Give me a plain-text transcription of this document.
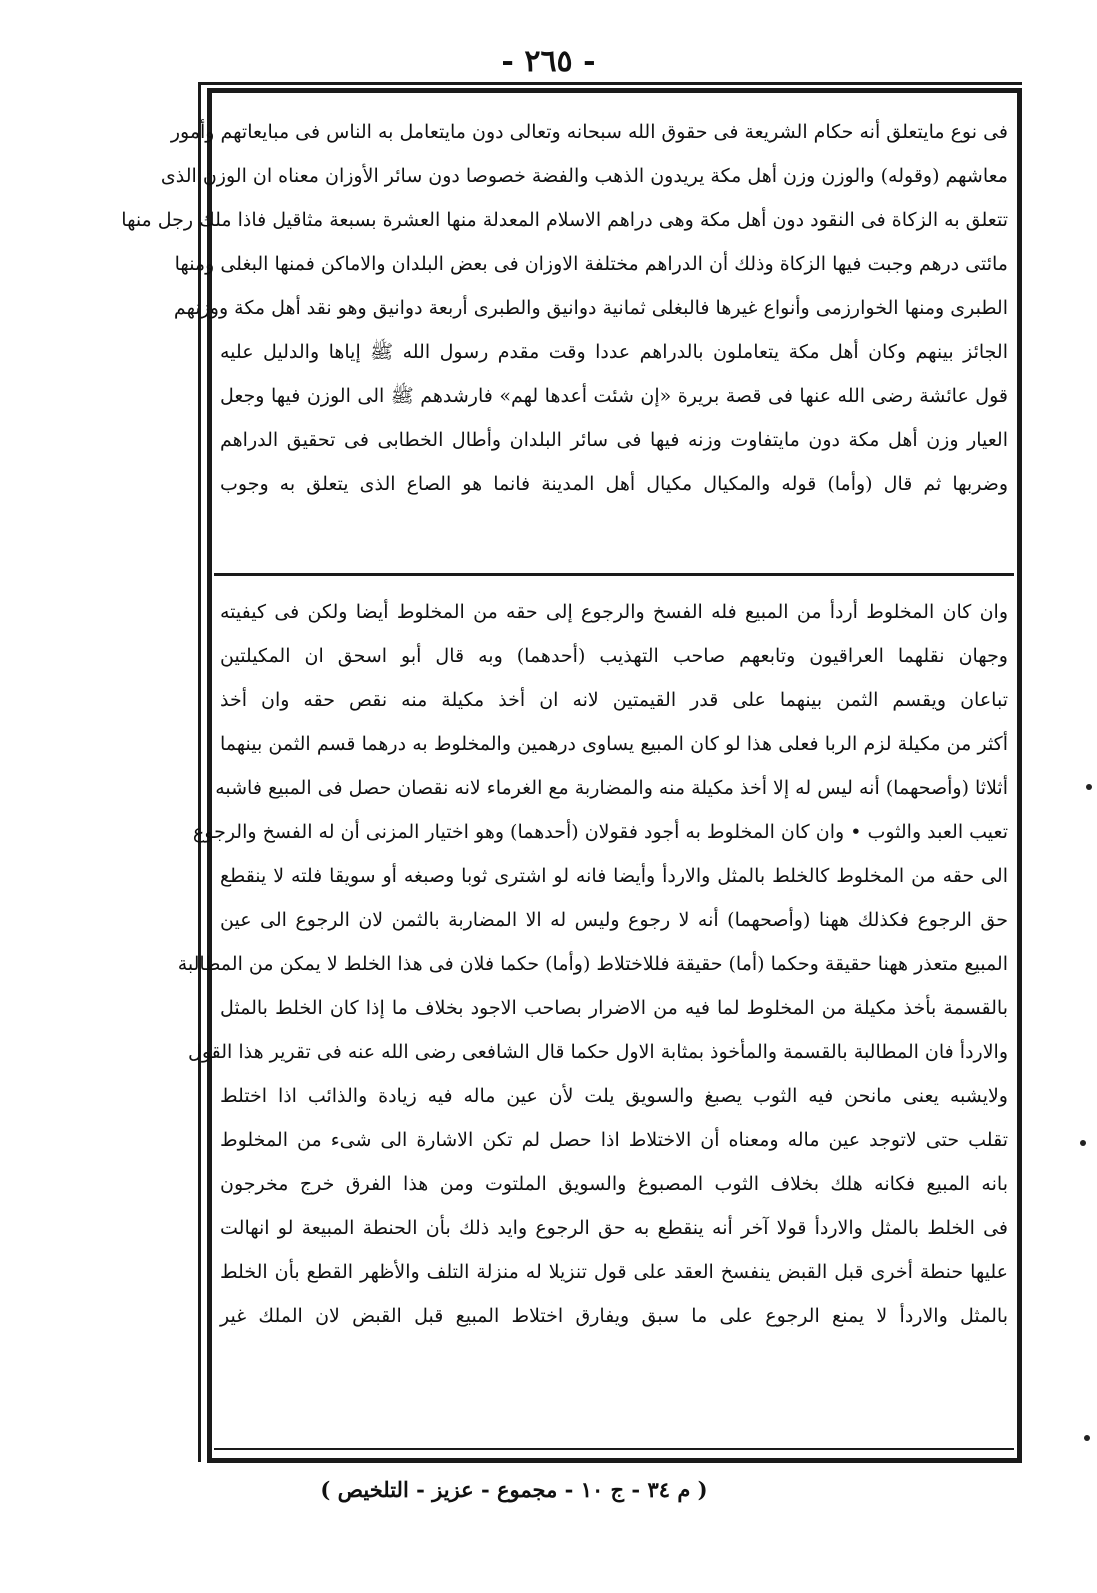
- ٢٦٥ -
فى نوع مايتعلق أنه حكام الشريعة فى حقوق الله سبحانه وتعالى دون مايتعامل به الناس فى مبايعاتهم وأمور
معاشهم (وقوله) والوزن وزن أهل مكة يريدون الذهب والفضة خصوصا دون سائر الأوزان معناه ان الوزن الذى
تتعلق به الزكاة فى النقود دون أهل مكة وهى دراهم الاسلام المعدلة منها العشرة بسبعة مثاقيل فاذا ملك رجل منها
مائتى درهم وجبت فيها الزكاة وذلك أن الدراهم مختلفة الاوزان فى بعض البلدان والاماكن فمنها البغلى ومنها
الطبرى ومنها الخوارزمى وأنواع غيرها فالبغلى ثمانية دوانيق والطبرى أربعة دوانيق وهو نقد أهل مكة ووزنهم
الجائز بينهم وكان أهل مكة يتعاملون بالدراهم عددا وقت مقدم رسول الله ﷺ إياها والدليل عليه
قول عائشة رضى الله عنها فى قصة بريرة «إن شئت أعدها لهم» فارشدهم ﷺ الى الوزن فيها وجعل
العيار وزن أهل مكة دون مايتفاوت وزنه فيها فى سائر البلدان وأطال الخطابى فى تحقيق الدراهم
وضربها ثم قال (وأما) قوله والمكيال مكيال أهل المدينة فانما هو الصاع الذى يتعلق به وجوب
وان كان المخلوط أردأ من المبيع فله الفسخ والرجوع إلى حقه من المخلوط أيضا ولكن فى كيفيته
وجهان نقلهما العراقيون وتابعهم صاحب التهذيب (أحدهما) وبه قال أبو اسحق ان المكيلتين
تباعان ويقسم الثمن بينهما على قدر القيمتين لانه ان أخذ مكيلة منه نقص حقه وان أخذ
أكثر من مكيلة لزم الربا فعلى هذا لو كان المبيع يساوى درهمين والمخلوط به درهما قسم الثمن بينهما
أثلاثا (وأصحهما) أنه ليس له إلا أخذ مكيلة منه والمضاربة مع الغرماء لانه نقصان حصل فى المبيع فاشبه
تعيب العبد والثوب • وان كان المخلوط به أجود فقولان (أحدهما) وهو اختيار المزنى أن له الفسخ والرجوع
الى حقه من المخلوط كالخلط بالمثل والاردأ وأيضا فانه لو اشترى ثوبا وصبغه أو سويقا فلته لا ينقطع
حق الرجوع فكذلك ههنا (وأصحهما) أنه لا رجوع وليس له الا المضاربة بالثمن لان الرجوع الى عين
المبيع متعذر ههنا حقيقة وحكما (أما) حقيقة فللاختلاط (وأما) حكما فلان فى هذا الخلط لا يمكن من المطالبة
بالقسمة بأخذ مكيلة من المخلوط لما فيه من الاضرار بصاحب الاجود بخلاف ما إذا كان الخلط بالمثل
والاردأ فان المطالبة بالقسمة والمأخوذ بمثابة الاول حكما قال الشافعى رضى الله عنه فى تقرير هذا القول
ولايشبه يعنى مانحن فيه الثوب يصبغ والسويق يلت لأن عين ماله فيه زيادة والذائب اذا اختلط
تقلب حتى لاتوجد عين ماله ومعناه أن الاختلاط اذا حصل لم تكن الاشارة الى شىء من المخلوط
بانه المبيع فكانه هلك بخلاف الثوب المصبوغ والسويق الملتوت ومن هذا الفرق خرج مخرجون
فى الخلط بالمثل والاردأ قولا آخر أنه ينقطع به حق الرجوع وايد ذلك بأن الحنطة المبيعة لو انهالت
عليها حنطة أخرى قبل القبض ينفسخ العقد على قول تنزيلا له منزلة التلف والأظهر القطع بأن الخلط
بالمثل والاردأ لا يمنع الرجوع على ما سبق ويفارق اختلاط المبيع قبل القبض لان الملك غير
( م ٣٤ - ج ١٠ - مجموع - عزيز - التلخيص )
